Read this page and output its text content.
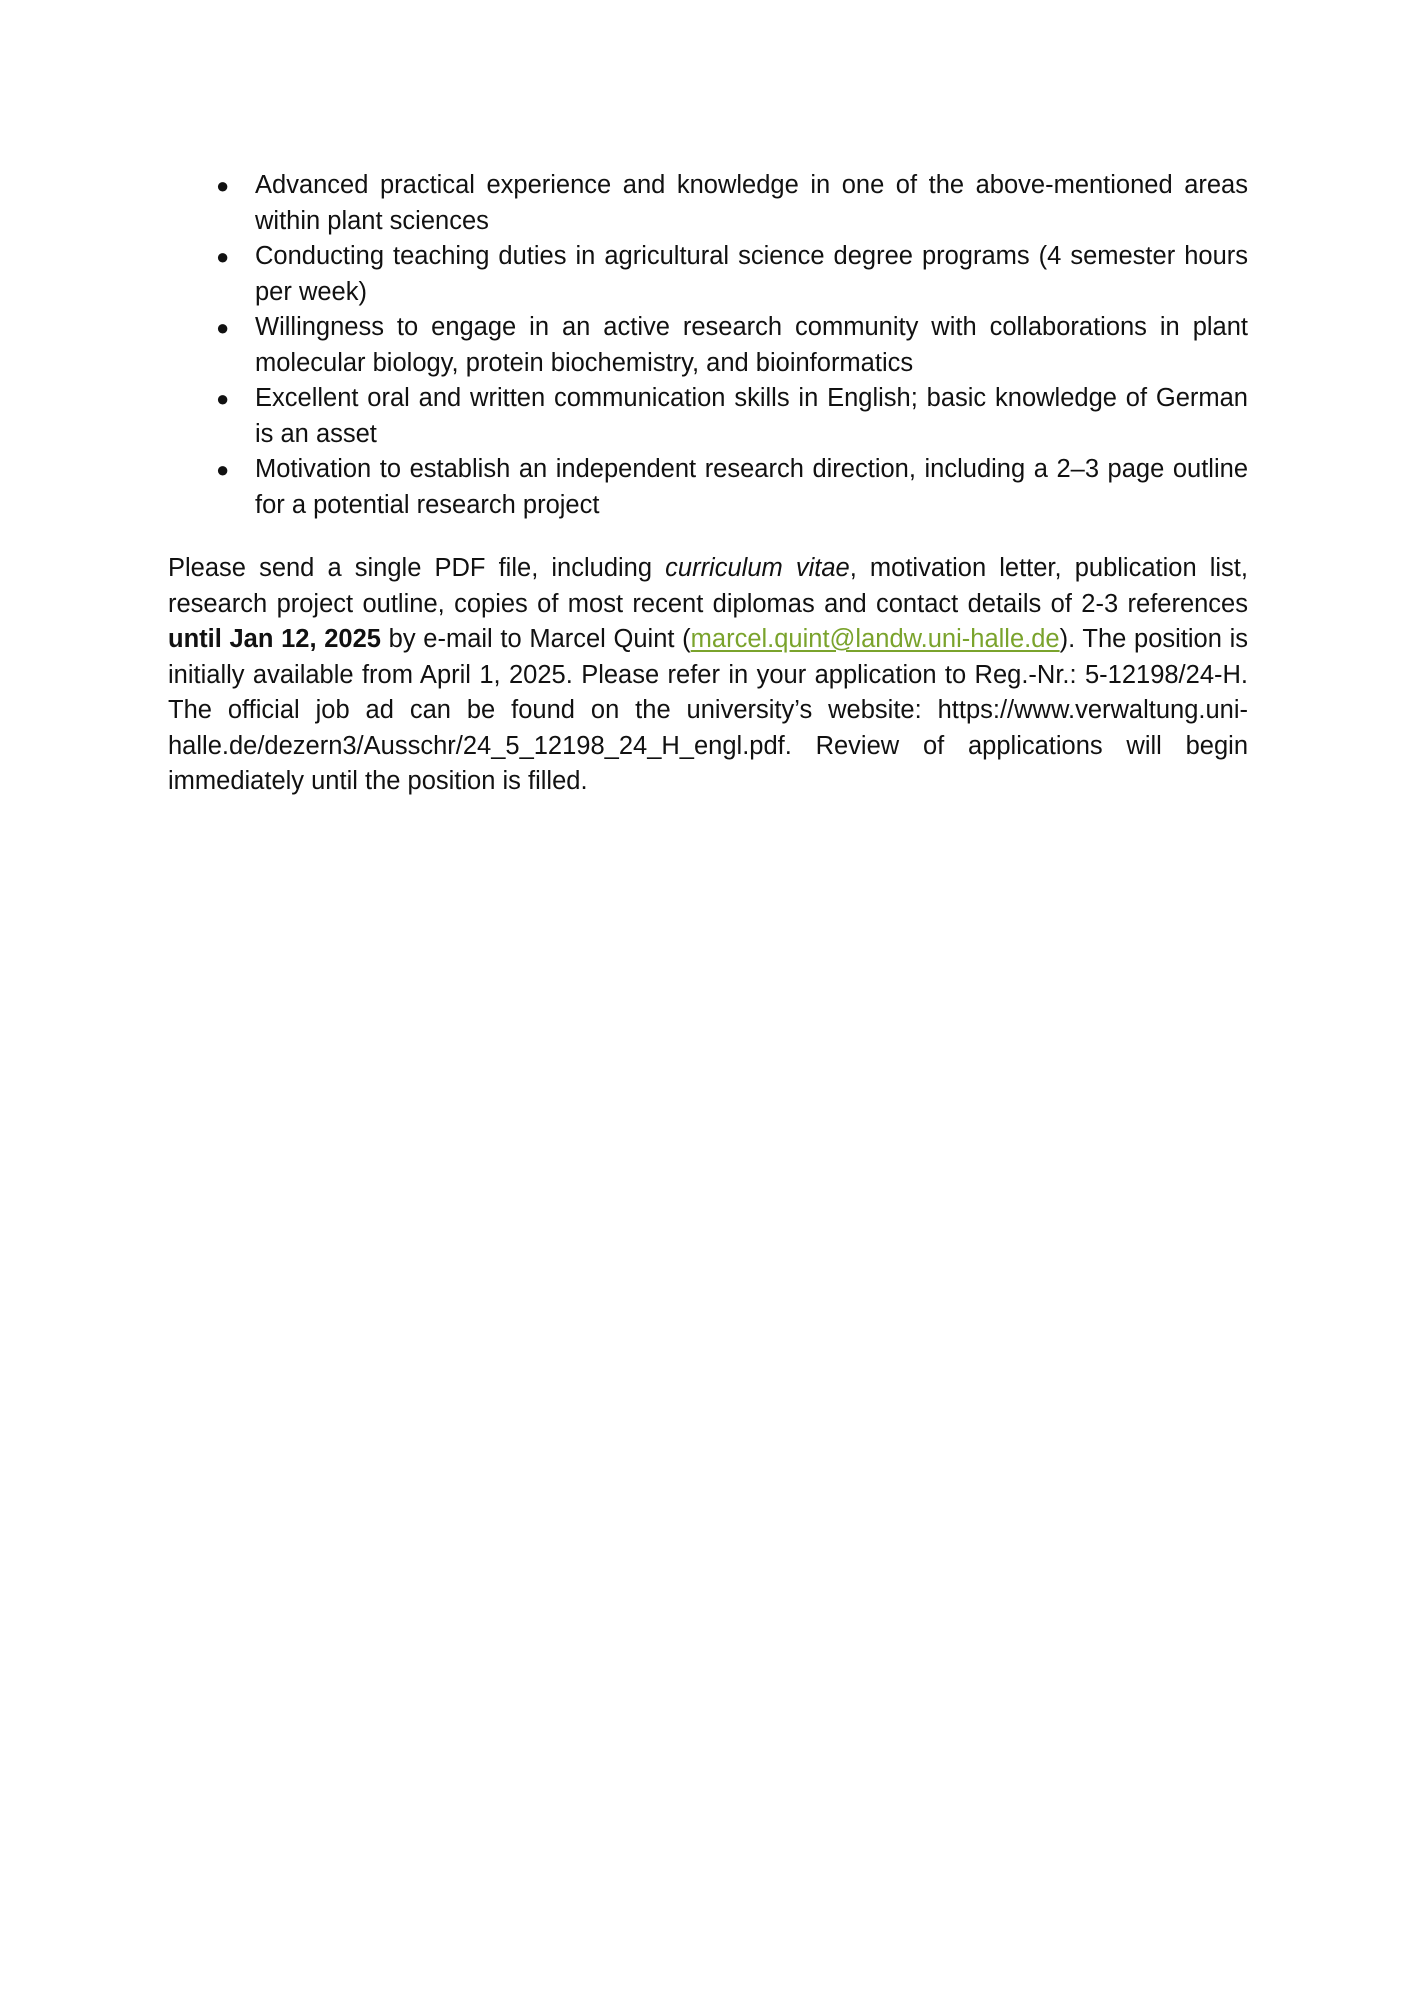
● Advanced practical experience and knowledge in one of the above-mentioned areas within plant sciences
● Conducting teaching duties in agricultural science degree programs (4 semester hours per week)
● Willingness to engage in an active research community with collaborations in plant molecular biology, protein biochemistry, and bioinformatics
● Excellent oral and written communication skills in English; basic knowledge of German is an asset
● Motivation to establish an independent research direction, including a 2–3 page outline for a potential research project

Please send a single PDF file, including curriculum vitae, motivation letter, publication list, research project outline, copies of most recent diplomas and contact details of 2-3 references until Jan 12, 2025 by e-mail to Marcel Quint (marcel.quint@landw.uni-halle.de). The position is initially available from April 1, 2025. Please refer in your application to Reg.-Nr.: 5-12198/24-H. The official job ad can be found on the university’s website: https://www.verwaltung.uni-halle.de/dezern3/Ausschr/24_5_12198_24_H_engl.pdf. Review of applications will begin immediately until the position is filled.
